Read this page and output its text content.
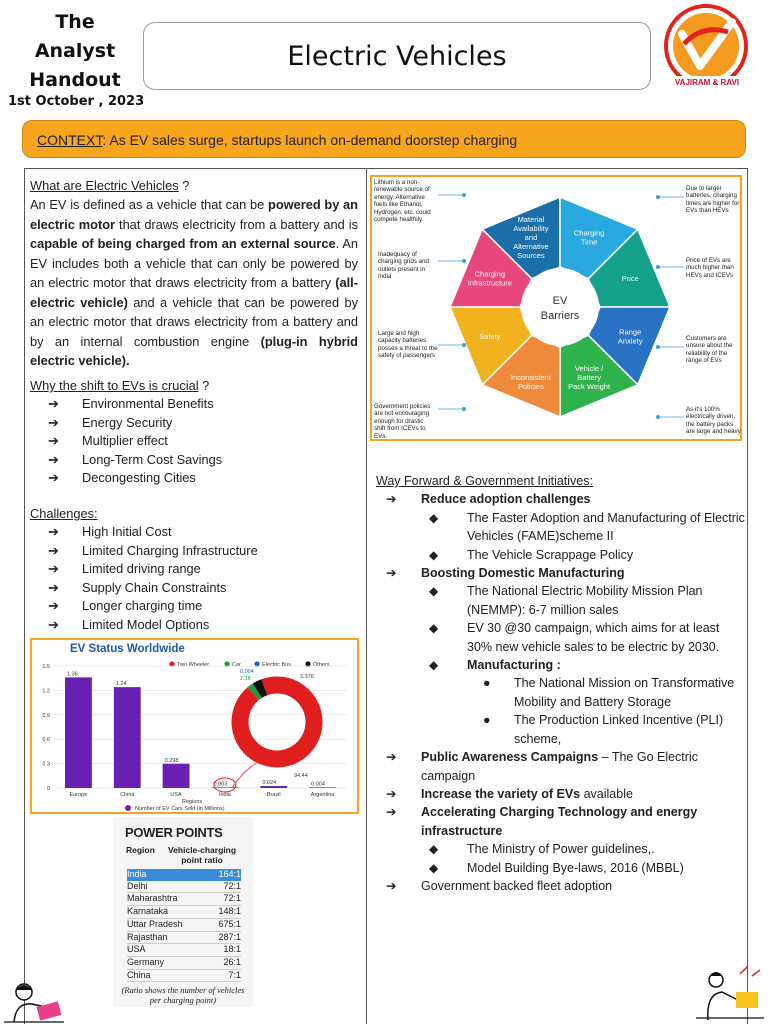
The
Analyst
Handout
1st October , 2023
Electric Vehicles
VAJIRAM & RAVI
CONTEXT: As EV sales surge, startups launch on-demand doorstep charging
What are Electric Vehicles ?
An EV is defined as a vehicle that can be powered by an electric motor that draws electricity from a battery and is capable of being charged from an external source. An EV includes both a vehicle that can only be powered by an electric motor that draws electricity from a battery (all-electric vehicle) and a vehicle that can be powered by an electric motor that draws electricity from a battery and by an internal combustion engine (plug-in hybrid electric vehicle).
Why the shift to EVs is crucial ?
➔ Environmental Benefits
➔ Energy Security
➔ Multiplier effect
➔ Long-Term Cost Savings
➔ Decongesting Cities
Challenges:
➔ High Initial Cost
➔ Limited Charging Infrastructure
➔ Limited driving range
➔ Supply Chain Constraints
➔ Longer charging time
➔ Limited Model Options
EV Status Worldwide
Two Wheeler	Car	Electric Bus	Others
0
0.3
0.6
0.9
1.2
1.5
1.36
Europe
1.24
China
0.298
USA
0.003
India
0.024
Brazil
0.004
Argentina
94.44
2.18
0.004
3.376
Regions
Number of EV Cars Sold (in Millions)
POWER POINTS
Region	Vehicle-charging point ratio
India	164:1
Delhi	72:1
Maharashtra	72:1
Karnataka	148:1
Uttar Pradesh	675:1
Rajasthan	287:1
USA	18:1
Germany	26:1
China	7:1
(Ratio shows the number of vehicles per charging point)
Material
Availability
and
Alternative
Sources
Charging
Time
Price
Range
Anxiety
Vehicle /
Battery
Pack Weight
Inconsistent
Policies
Safety
Charging
Infrastructure
EV
Barriers
Lithium is a non-renewable source of energy. Alternative fuels like Ethanol, Hydrogen, etc. could compete healthily.
Inadequacy of charging grids and outlets present in India
Large and high capacity batteries posses a threat to the safety of passengers
Government policies are not encouraging enough for drastic shift from ICEVs to EVs.
Due to larger batteries, charging times are higher for EVs than HEVs
Price of EVs are much higher than HEVs and ICEVs
Customers are unsure about the reliability of the range of EVs
As it's 100% electrically driven, the battery packs are large and heavy
Way Forward & Government Initiatives:
➔ Reduce adoption challenges
◆ The Faster Adoption and Manufacturing of Electric Vehicles (FAME)scheme II
◆ The Vehicle Scrappage Policy
➔ Boosting Domestic Manufacturing
◆ The National Electric Mobility Mission Plan (NEMMP): 6-7 million sales
◆ EV 30 @30 campaign, which aims for at least 30% new vehicle sales to be electric by 2030.
◆ Manufacturing :
● The National Mission on Transformative Mobility and Battery Storage
● The Production Linked Incentive (PLI) scheme,
➔ Public Awareness Campaigns – The Go Electric campaign
➔ Increase the variety of EVs available
➔ Accelerating Charging Technology and energy infrastructure
◆ The Ministry of Power guidelines,.
◆ Model Building Bye-laws, 2016 (MBBL)
➔ Government backed fleet adoption
